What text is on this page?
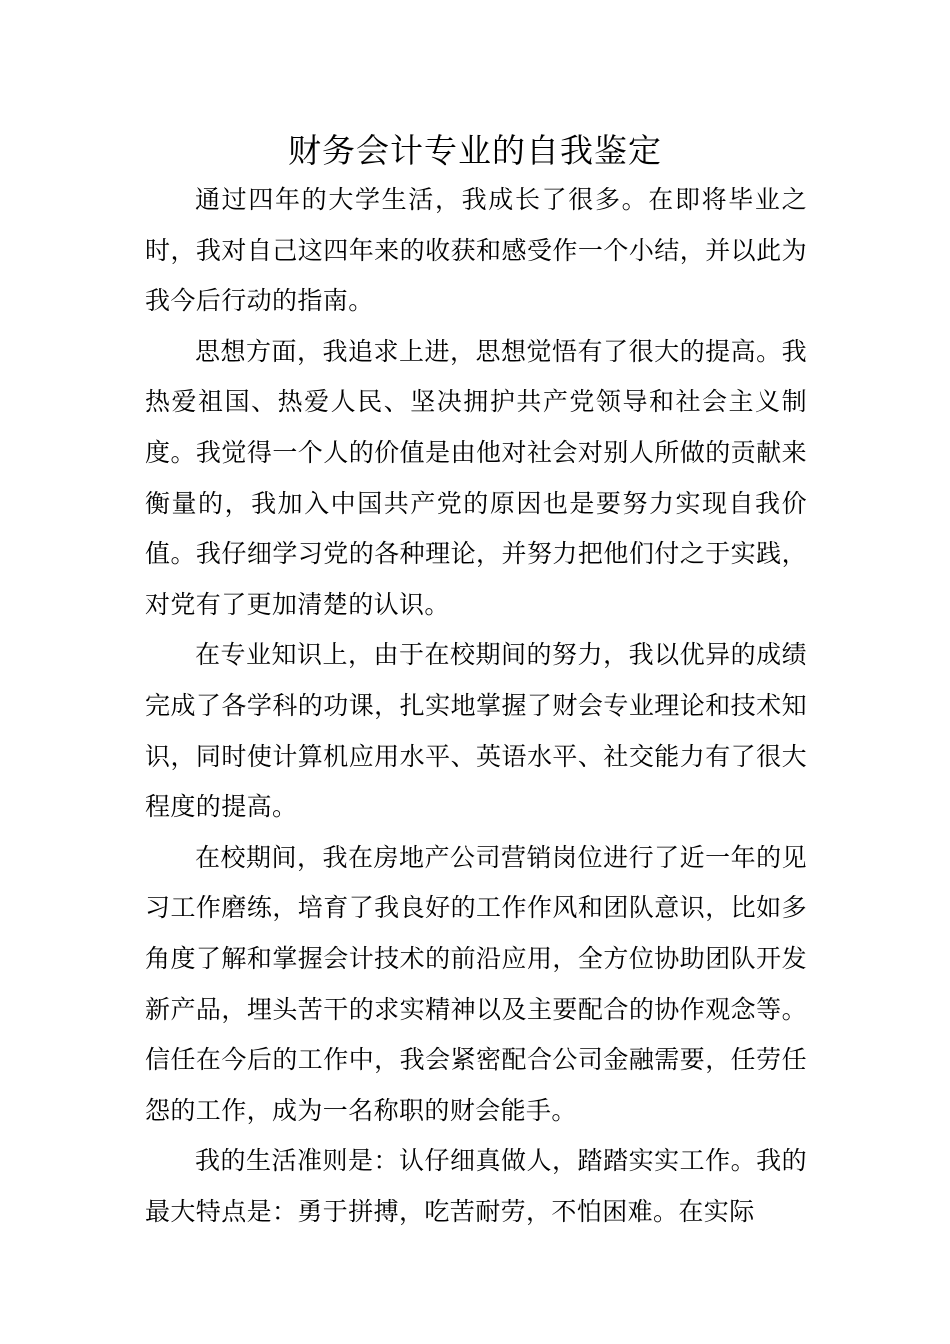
财务会计专业的自我鉴定

通过四年的大学生活，我成长了很多。在即将毕业之时，我对自己这四年来的收获和感受作一个小结，并以此为我今后行动的指南。

思想方面，我追求上进，思想觉悟有了很大的提高。我热爱祖国、热爱人民、坚决拥护共产党领导和社会主义制度。我觉得一个人的价值是由他对社会对别人所做的贡献来衡量的，我加入中国共产党的原因也是要努力实现自我价值。我仔细学习党的各种理论，并努力把他们付之于实践，对党有了更加清楚的认识。

在专业知识上，由于在校期间的努力，我以优异的成绩完成了各学科的功课，扎实地掌握了财会专业理论和技术知识，同时使计算机应用水平、英语水平、社交能力有了很大程度的提高。

在校期间，我在房地产公司营销岗位进行了近一年的见习工作磨练，培育了我良好的工作作风和团队意识，比如多角度了解和掌握会计技术的前沿应用，全方位协助团队开发新产品，埋头苦干的求实精神以及主要配合的协作观念等。信任在今后的工作中，我会紧密配合公司金融需要，任劳任怨的工作，成为一名称职的财会能手。

我的生活准则是：认仔细真做人，踏踏实实工作。我的最大特点是：勇于拼搏，吃苦耐劳，不怕困难。在实际
